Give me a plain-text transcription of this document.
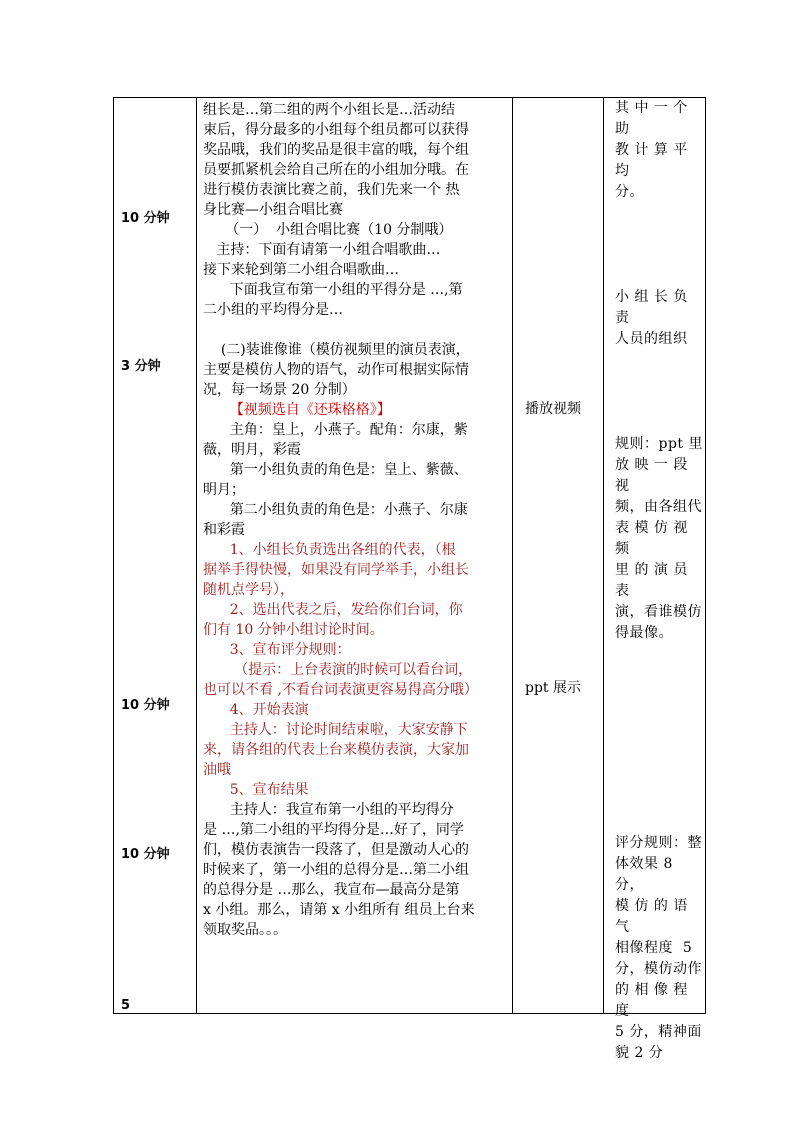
10 分钟
3 分钟
10 分钟
10 分钟
5
组长是…第二组的两个小组长是…活动结
束后，得分最多的小组每个组员都可以获得
奖品哦，我们的奖品是很丰富的哦，每个组
员要抓紧机会给自己所在的小组加分哦。在
进行模仿表演比赛之前，我们先来一个 热
身比赛—小组合唱比赛
（一）  小组合唱比赛（10 分制哦）
主持：下面有请第一小组合唱歌曲…
接下来轮到第二小组合唱歌曲…
下面我宣布第一小组的平得分是 …,第
二小组的平均得分是…

(二)装谁像谁（模仿视频里的演员表演，
主要是模仿人物的语气，动作可根据实际情
况，每一场景 20 分制）
【视频选自《还珠格格》】
主角：皇上，小燕子。配角：尔康，紫
薇，明月，彩霞
第一小组负责的角色是：皇上、紫薇、
明月；
第二小组负责的角色是：小燕子、尔康
和彩霞
1、小组长负责选出各组的代表，（根
据举手得快慢，如果没有同学举手，小组长
随机点学号），
2、选出代表之后，发给你们台词，你
们有 10 分钟小组讨论时间。
3、宣布评分规则：
（提示：上台表演的时候可以看台词，
也可以不看 ,不看台词表演更容易得高分哦）
4、开始表演
主持人：讨论时间结束啦，大家安静下
来，请各组的代表上台来模仿表演，大家加
油哦
5、宣布结果
主持人：我宣布第一小组的平均得分
是 …,第二小组的平均得分是…好了，同学
们，模仿表演告一段落了，但是激动人心的
时候来了，第一小组的总得分是…第二小组
的总得分是 …那么，我宣布—最高分是第
x 小组。那么，请第 x 小组所有 组员上台来
领取奖品。。。
播放视频
ppt 展示
其 中 一 个 助
教 计 算 平 均
分。

小 组 长 负 责
人员的组织

规则：ppt 里
放 映 一 段 视
频，由各组代
表 模 仿 视 频
里 的 演 员 表
演，看谁模仿
得最像。

评分规则：整
体效果 8 分，
模 仿 的 语 气
相像程度  5
分，模仿动作
的 相 像 程 度
5 分，精神面
貌 2 分
